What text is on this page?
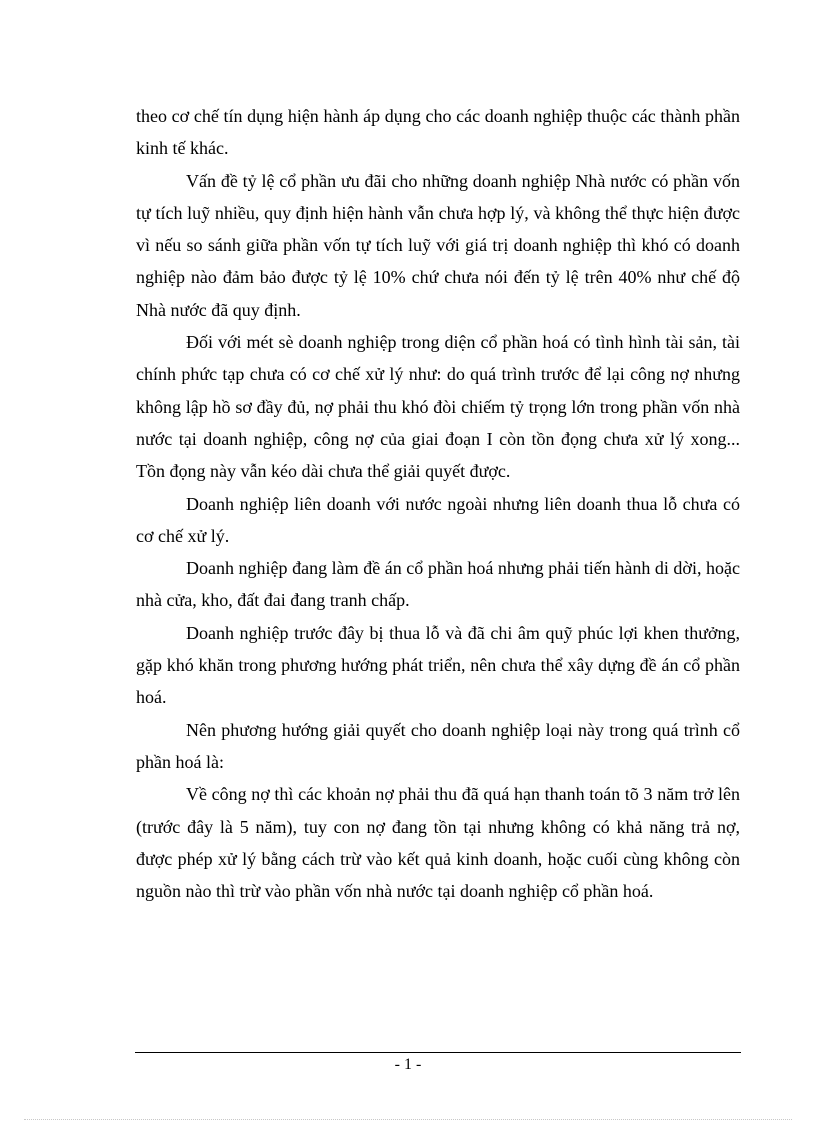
theo cơ chế tín dụng hiện hành áp dụng cho các doanh nghiệp thuộc các thành phần kinh tế khác.

Vấn đề tỷ lệ cổ phần ưu đãi cho những doanh nghiệp Nhà nước có phần vốn tự tích luỹ nhiều, quy định hiện hành vẫn chưa hợp lý, và không thể thực hiện được vì nếu so sánh giữa phần vốn tự tích luỹ với giá trị doanh nghiệp thì khó có doanh nghiệp nào đảm bảo được tỷ lệ 10% chứ chưa nói đến tỷ lệ trên 40% như chế độ Nhà nước đã quy định.

Đối với mét sè doanh nghiệp trong diện cổ phần hoá có tình hình tài sản, tài chính phức tạp chưa có cơ chế xử lý như: do quá trình trước để lại công nợ nhưng không lập hồ sơ đầy đủ, nợ phải thu khó đòi chiếm tỷ trọng lớn trong phần vốn nhà nước tại doanh nghiệp, công nợ của giai đoạn I còn tồn đọng chưa xử lý xong... Tồn đọng này vẫn kéo dài chưa thể giải quyết được.

Doanh nghiệp liên doanh với nước ngoài nhưng liên doanh thua lỗ chưa có cơ chế xử lý.

Doanh nghiệp đang làm đề án cổ phần hoá nhưng phải tiến hành di dời, hoặc nhà cửa, kho, đất đai đang tranh chấp.

Doanh nghiệp trước đây bị thua lỗ và đã chi âm quỹ phúc lợi khen thưởng, gặp khó khăn trong phương hướng phát triển, nên chưa thể xây dựng đề án cổ phần hoá.

Nên phương hướng giải quyết cho doanh nghiệp loại này trong quá trình cổ phần hoá là:

Về công nợ thì các khoản nợ phải thu đã quá hạn thanh toán tõ 3 năm trở lên (trước đây là 5 năm), tuy con nợ đang tồn tại nhưng không có khả năng trả nợ, được phép xử lý bằng cách trừ vào kết quả kinh doanh, hoặc cuối cùng không còn nguồn nào thì trừ vào phần vốn nhà nước tại doanh nghiệp cổ phần hoá.

- 1 -
